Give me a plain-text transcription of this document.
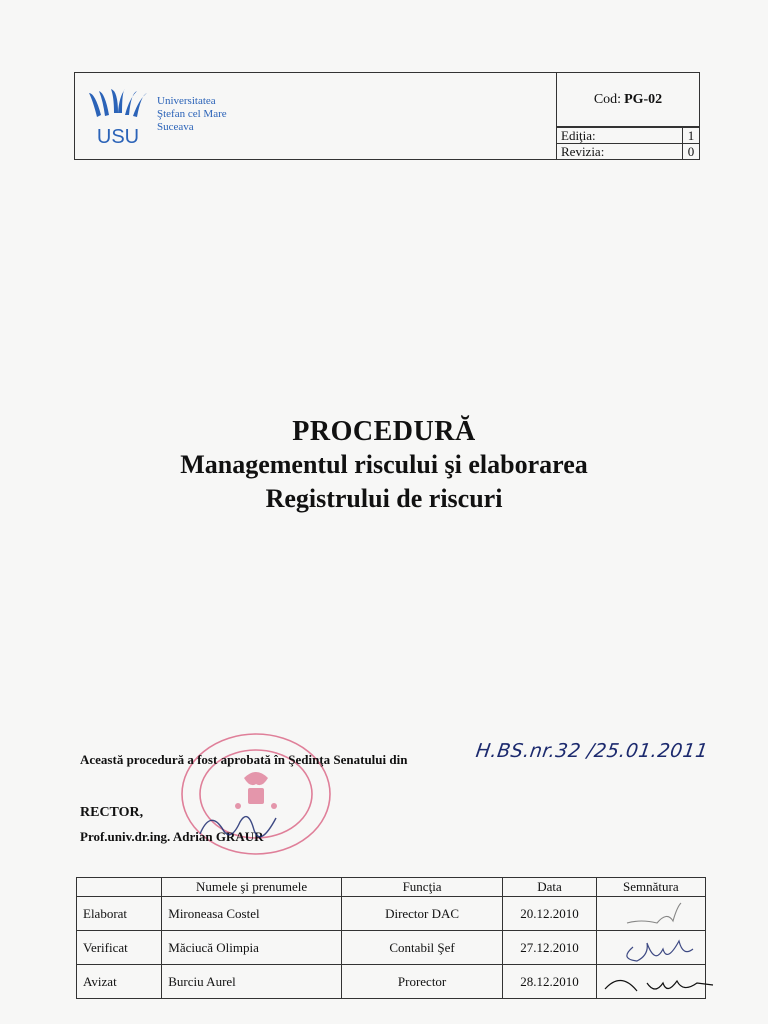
USU
Universitatea
Ştefan cel Mare
Suceava
Cod: PG-02
Ediţia:	1
Revizia:	0
PROCEDURĂ
Managementul riscului şi elaborarea
Registrului de riscuri
Această procedură a fost aprobată în Şedinţa Senatului din	H.BS.nr.32 /25.01.2011
RECTOR,
Prof.univ.dr.ing. Adrian GRAUR
	Numele şi prenumele	Funcţia	Data	Semnătura
Elaborat	Mironeasa Costel	Director DAC	20.12.2010	

Verificat	Măciucă Olimpia	Contabil Şef	27.12.2010	

Avizat	Burciu Aurel	Prorector	28.12.2010	
